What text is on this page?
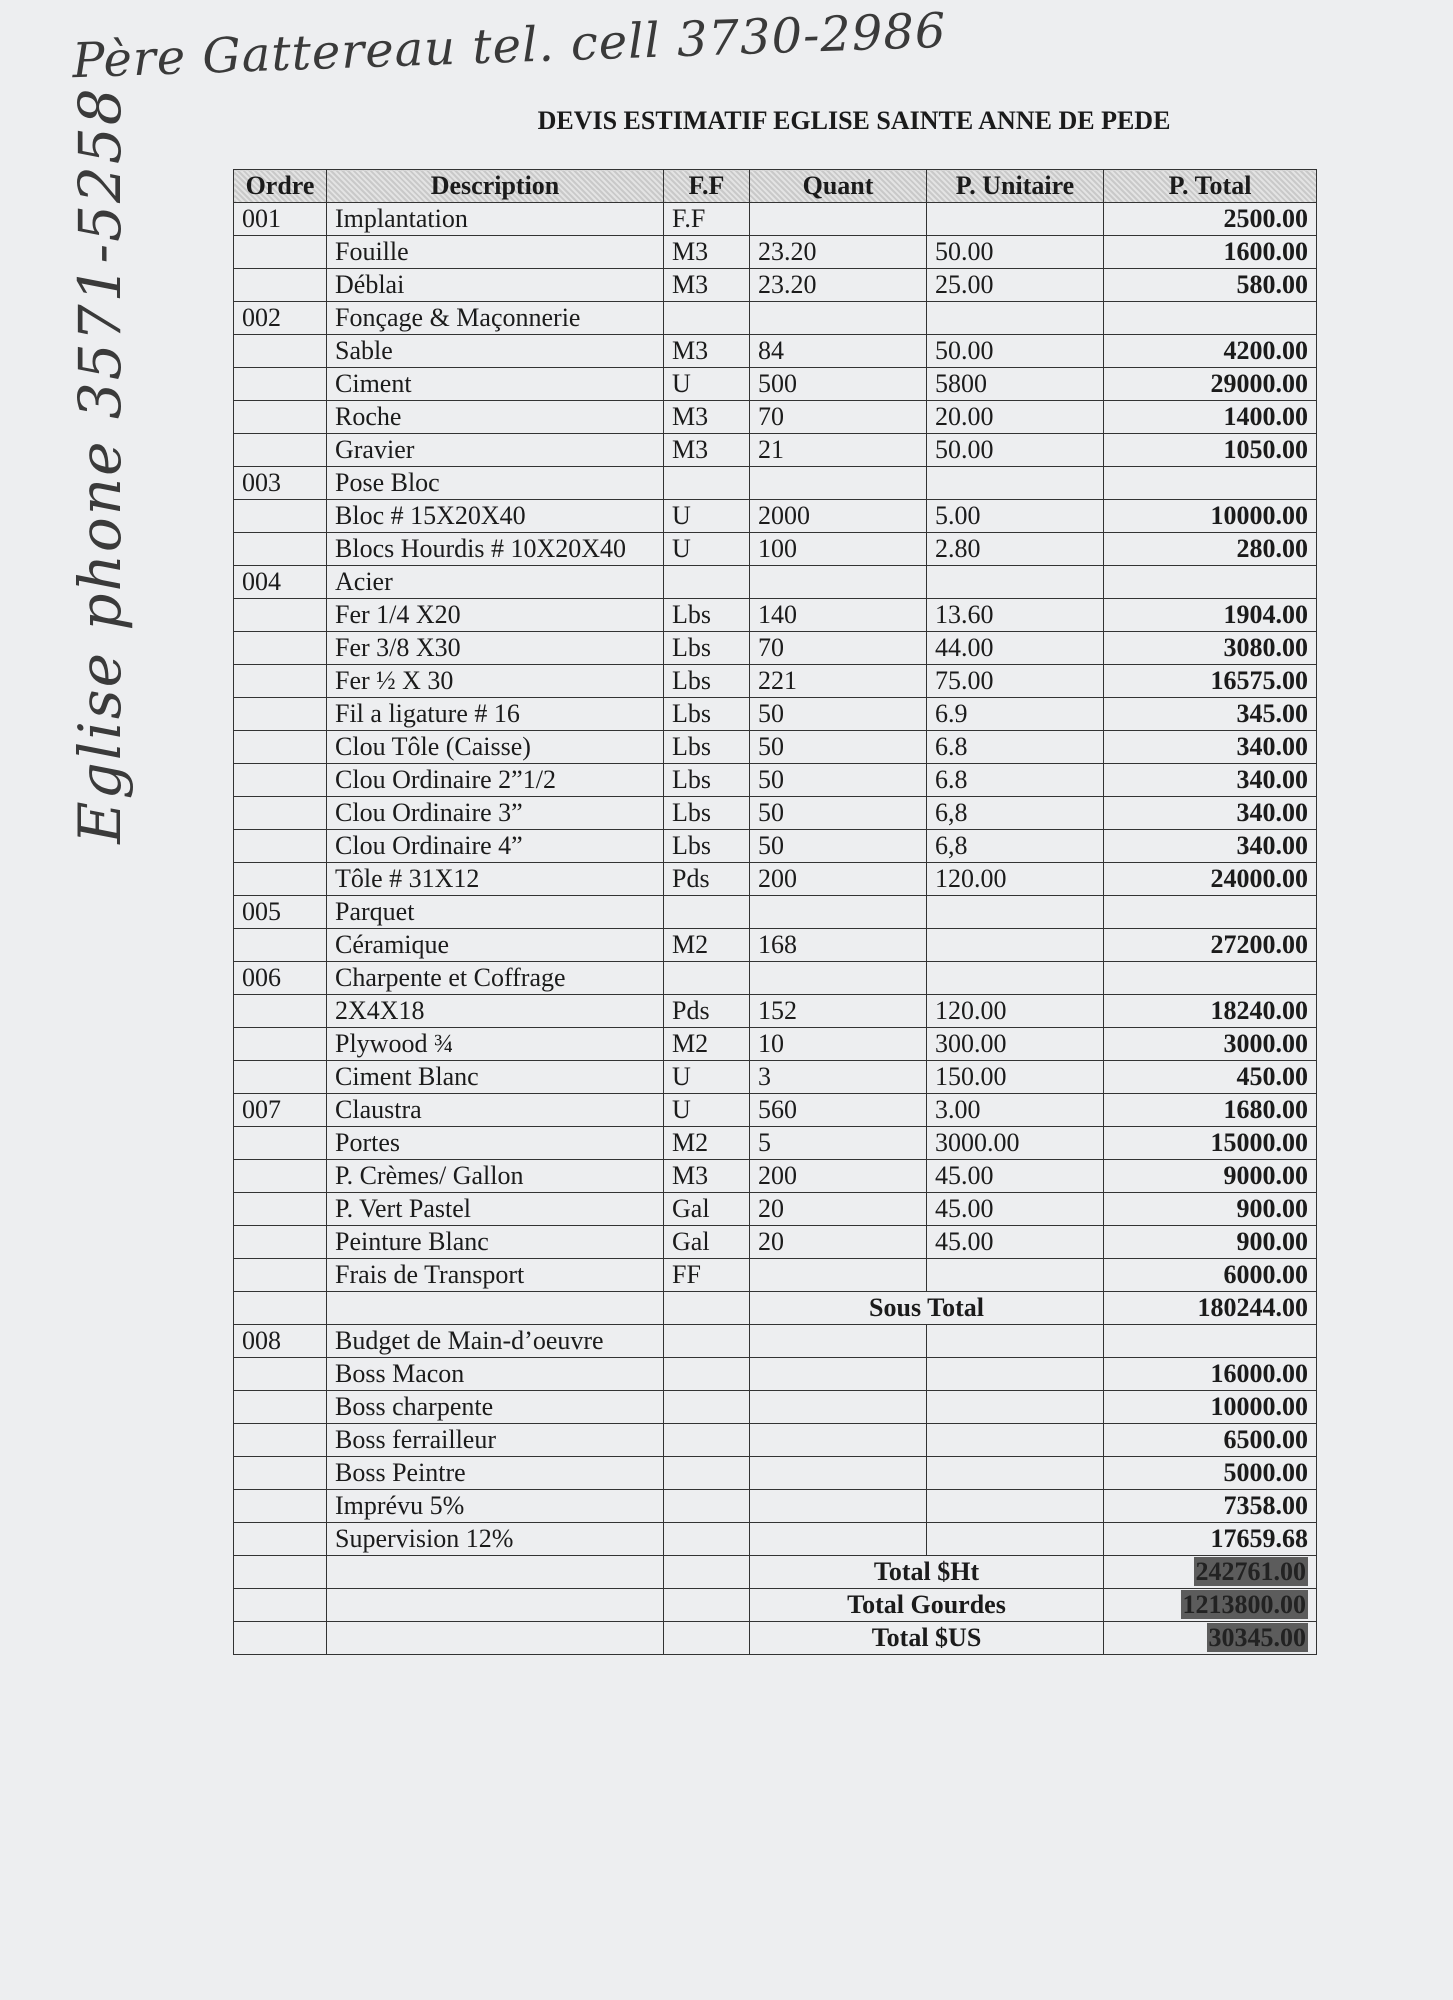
Père Gattereau tel. cell 3730-2986
Eglise phone 3571-5258	DEVIS ESTIMATIF EGLISE SAINTE ANNE DE PEDE
Ordre	Description	F.F	Quant	P. Unitaire	P. Total
001	Implantation	F.F			2500.00
	Fouille	M3	23.20	50.00	1600.00
	Déblai	M3	23.20	25.00	580.00
002	Fonçage & Maçonnerie				
	Sable	M3	84	50.00	4200.00
	Ciment	U	500	5800	29000.00
	Roche	M3	70	20.00	1400.00
	Gravier	M3	21	50.00	1050.00
003	Pose Bloc				
	Bloc # 15X20X40	U	2000	5.00	10000.00
	Blocs Hourdis # 10X20X40	U	100	2.80	280.00
004	Acier				
	Fer 1/4 X20	Lbs	140	13.60	1904.00
	Fer 3/8 X30	Lbs	70	44.00	3080.00
	Fer ½ X 30	Lbs	221	75.00	16575.00
	Fil a ligature # 16	Lbs	50	6.9	345.00
	Clou Tôle (Caisse)	Lbs	50	6.8	340.00
	Clou Ordinaire 2”1/2	Lbs	50	6.8	340.00
	Clou Ordinaire 3”	Lbs	50	6,8	340.00
	Clou Ordinaire 4”	Lbs	50	6,8	340.00
	Tôle # 31X12	Pds	200	120.00	24000.00
005	Parquet				
	Céramique	M2	168		27200.00
006	Charpente et Coffrage				
	2X4X18	Pds	152	120.00	18240.00
	Plywood ¾	M2	10	300.00	3000.00
	Ciment Blanc	U	3	150.00	450.00
007	Claustra	U	560	3.00	1680.00
	Portes	M2	5	3000.00	15000.00
	P. Crèmes/ Gallon	M3	200	45.00	9000.00
	P. Vert Pastel	Gal	20	45.00	900.00
	Peinture Blanc	Gal	20	45.00	900.00
	Frais de Transport	FF			6000.00
			Sous Total		180244.00
008	Budget de Main-d’oeuvre				
	Boss Macon				16000.00
	Boss charpente				10000.00
	Boss ferrailleur				6500.00
	Boss Peintre				5000.00
	Imprévu 5%				7358.00
	Supervision 12%				17659.68
			Total $Ht		242761.00
			Total Gourdes		1213800.00
			Total $US		30345.00
